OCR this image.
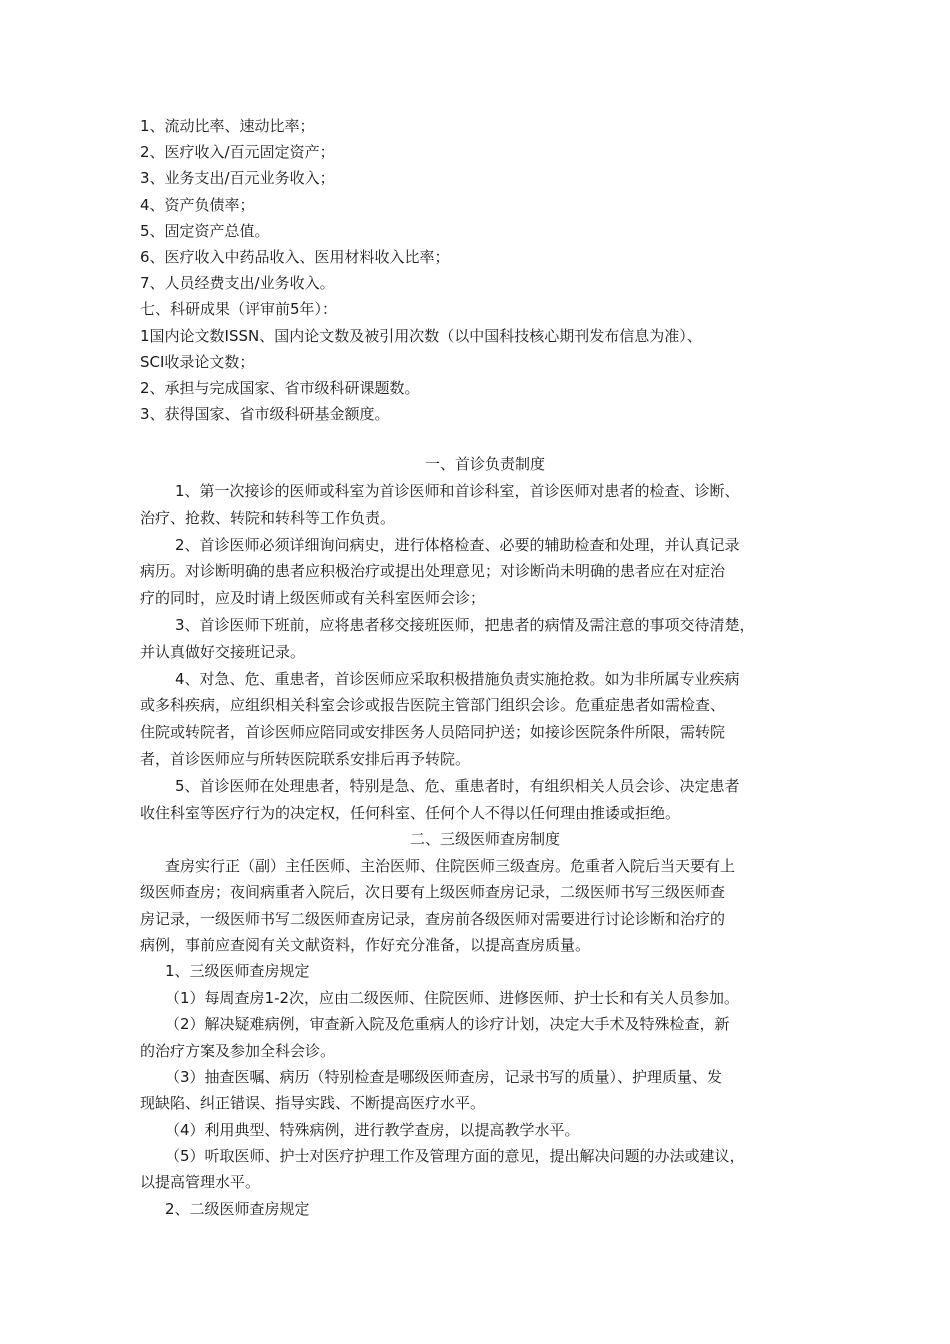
1、流动比率、速动比率；
2、医疗收入/百元固定资产；
3、业务支出/百元业务收入；
4、资产负债率；
5、固定资产总值。
6、医疗收入中药品收入、医用材料收入比率；
7、人员经费支出/业务收入。
七、科研成果（评审前5年）：
1国内论文数ISSN、国内论文数及被引用次数（以中国科技核心期刊发布信息为准）、
SCI收录论文数；
2、承担与完成国家、省市级科研课题数。
3、获得国家、省市级科研基金额度。
一、首诊负责制度
1、第一次接诊的医师或科室为首诊医师和首诊科室，首诊医师对患者的检查、诊断、
治疗、抢救、转院和转科等工作负责。
2、首诊医师必须详细询问病史，进行体格检查、必要的辅助检查和处理，并认真记录
病历。对诊断明确的患者应积极治疗或提出处理意见；对诊断尚未明确的患者应在对症治
疗的同时，应及时请上级医师或有关科室医师会诊；
3、首诊医师下班前，应将患者移交接班医师，把患者的病情及需注意的事项交待清楚，
并认真做好交接班记录。
4、对急、危、重患者，首诊医师应采取积极措施负责实施抢救。如为非所属专业疾病
或多科疾病，应组织相关科室会诊或报告医院主管部门组织会诊。危重症患者如需检查、
住院或转院者，首诊医师应陪同或安排医务人员陪同护送；如接诊医院条件所限，需转院
者，首诊医师应与所转医院联系安排后再予转院。
5、首诊医师在处理患者，特别是急、危、重患者时，有组织相关人员会诊、决定患者
收住科室等医疗行为的决定权，任何科室、任何个人不得以任何理由推诿或拒绝。
二、三级医师查房制度
查房实行正（副）主任医师、主治医师、住院医师三级查房。危重者入院后当天要有上
级医师查房；夜间病重者入院后，次日要有上级医师查房记录，二级医师书写三级医师查
房记录，一级医师书写二级医师查房记录，查房前各级医师对需要进行讨论诊断和治疗的
病例，事前应查阅有关文献资料，作好充分准备，以提高查房质量。
1、三级医师查房规定
（1）每周查房1-2次，应由二级医师、住院医师、进修医师、护士长和有关人员参加。
（2）解决疑难病例，审查新入院及危重病人的诊疗计划，决定大手术及特殊检查，新
的治疗方案及参加全科会诊。
（3）抽查医嘱、病历（特别检查是哪级医师查房，记录书写的质量）、护理质量、发
现缺陷、纠正错误、指导实践、不断提高医疗水平。
（4）利用典型、特殊病例，进行教学查房，以提高教学水平。
（5）听取医师、护士对医疗护理工作及管理方面的意见，提出解决问题的办法或建议，
以提高管理水平。
2、二级医师查房规定
